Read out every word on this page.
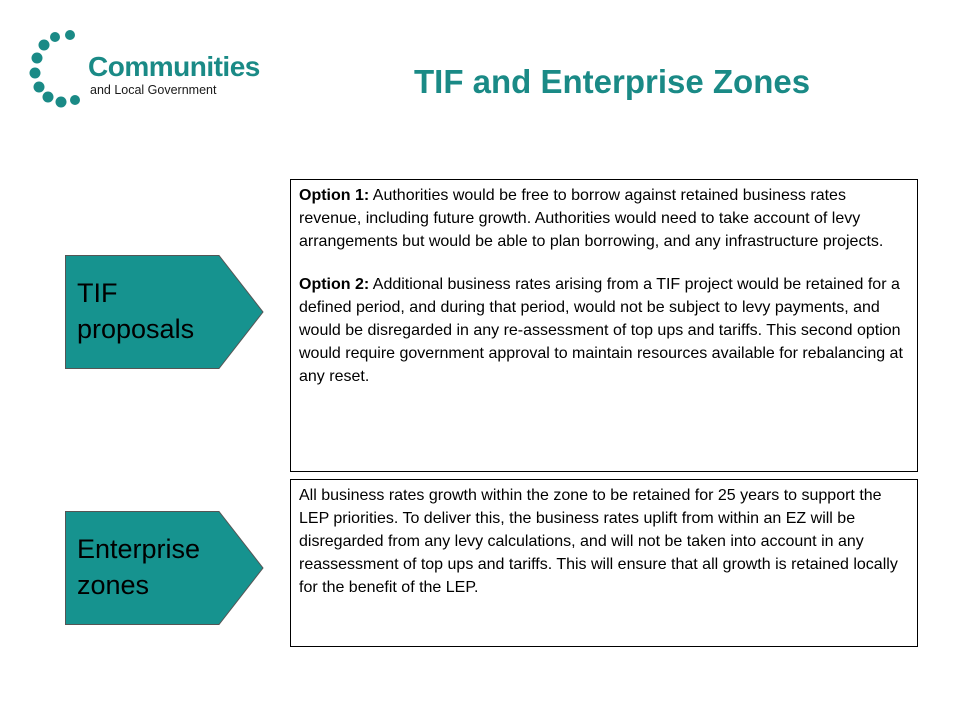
Communities
and Local Government	TIF and Enterprise Zones
TIF
proposals

Option 1: Authorities would be free to borrow against retained business rates revenue, including future growth. Authorities would need to take account of levy arrangements but would be able to plan borrowing, and any infrastructure projects.

Option 2: Additional business rates arising from a TIF project would be retained for a defined period, and during that period, would not be subject to levy payments, and would be disregarded in any re-assessment of top ups and tariffs. This second option would require government approval to maintain resources available for rebalancing at any reset.

Enterprise
zones

All business rates growth within the zone to be retained for 25 years to support the LEP priorities. To deliver this, the business rates uplift from within an EZ will be disregarded from any levy calculations, and will not be taken into account in any reassessment of top ups and tariffs. This will ensure that all growth is retained locally for the benefit of the LEP.
